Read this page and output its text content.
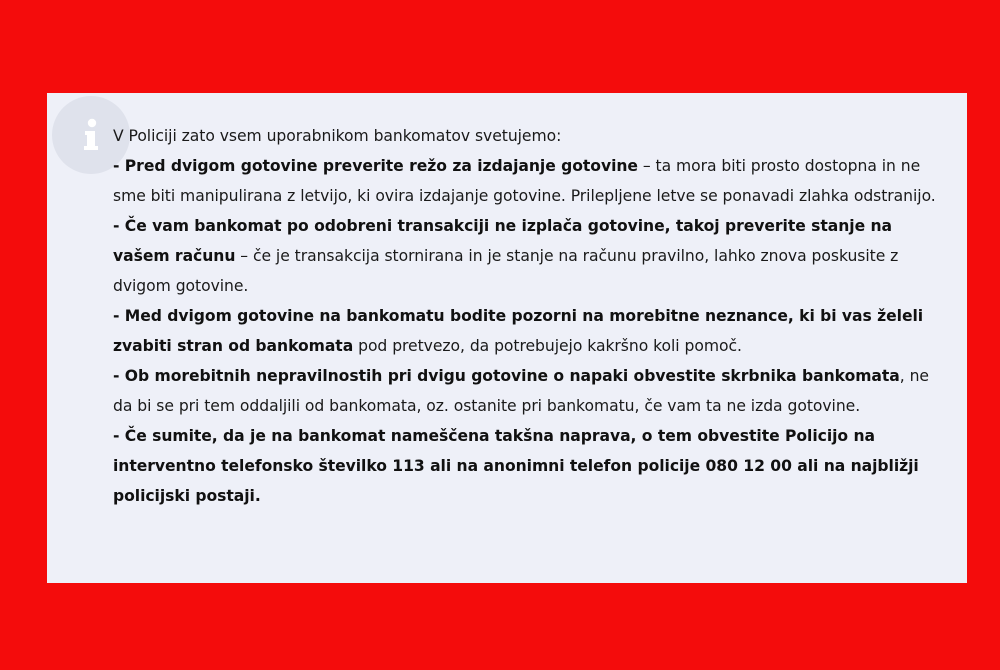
V Policiji zato vsem uporabnikom bankomatov svetujemo:

- Pred dvigom gotovine preverite režo za izdajanje gotovine – ta mora biti prosto dostopna in ne sme biti manipulirana z letvijo, ki ovira izdajanje gotovine. Prilepljene letve se ponavadi zlahka odstranijo.

- Če vam bankomat po odobreni transakciji ne izplača gotovine, takoj preverite stanje na vašem računu – če je transakcija stornirana in je stanje na računu pravilno, lahko znova poskusite z dvigom gotovine.

- Med dvigom gotovine na bankomatu bodite pozorni na morebitne neznance, ki bi vas želeli zvabiti stran od bankomata pod pretvezo, da potrebujejo kakršno koli pomoč.

- Ob morebitnih nepravilnostih pri dvigu gotovine o napaki obvestite skrbnika bankomata, ne da bi se pri tem oddaljili od bankomata, oz. ostanite pri bankomatu, če vam ta ne izda gotovine.

- Če sumite, da je na bankomat nameščena takšna naprava, o tem obvestite Policijo na interventno telefonsko številko 113 ali na anonimni telefon policije 080 12 00 ali na najbližji policijski postaji.
